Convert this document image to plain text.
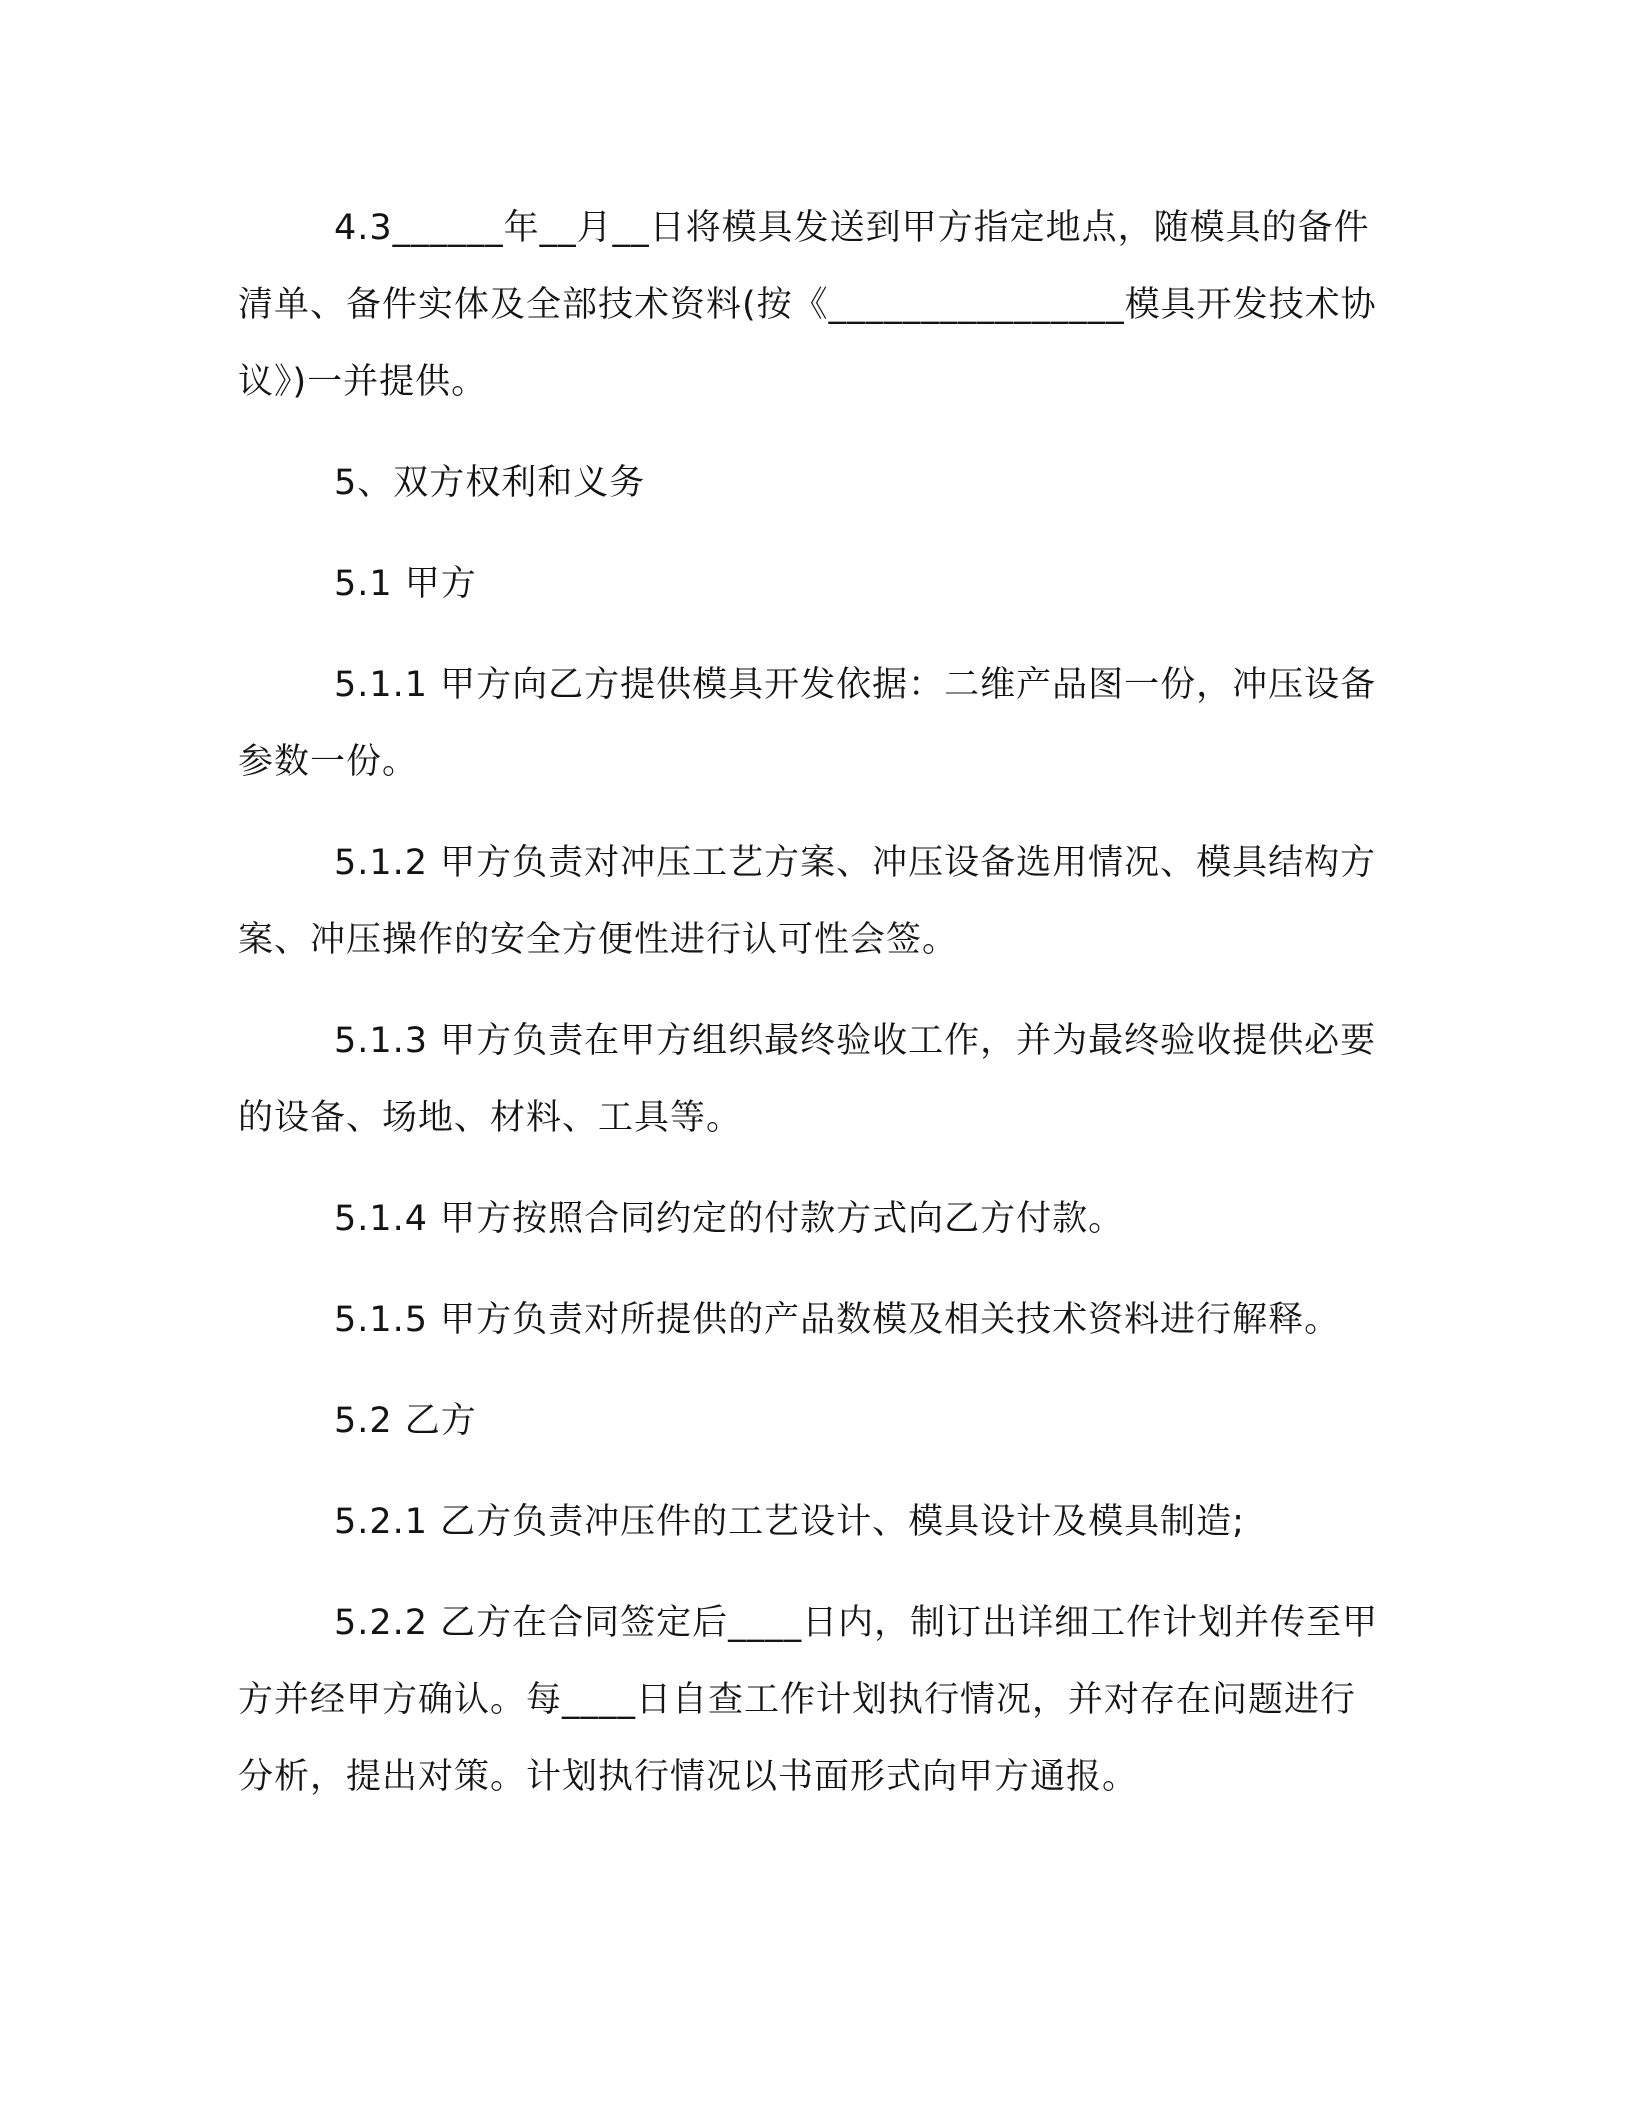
4.3______年__月__日将模具发送到甲方指定地点，随模具的备件清单、备件实体及全部技术资料(按《________________模具开发技术协议》)一并提供。

5、双方权利和义务

5.1 甲方

5.1.1 甲方向乙方提供模具开发依据：二维产品图一份，冲压设备参数一份。

5.1.2 甲方负责对冲压工艺方案、冲压设备选用情况、模具结构方案、冲压操作的安全方便性进行认可性会签。

5.1.3 甲方负责在甲方组织最终验收工作，并为最终验收提供必要的设备、场地、材料、工具等。

5.1.4 甲方按照合同约定的付款方式向乙方付款。

5.1.5 甲方负责对所提供的产品数模及相关技术资料进行解释。

5.2 乙方

5.2.1 乙方负责冲压件的工艺设计、模具设计及模具制造;

5.2.2 乙方在合同签定后____日内，制订出详细工作计划并传至甲方并经甲方确认。每____日自查工作计划执行情况，并对存在问题进行分析，提出对策。计划执行情况以书面形式向甲方通报。
